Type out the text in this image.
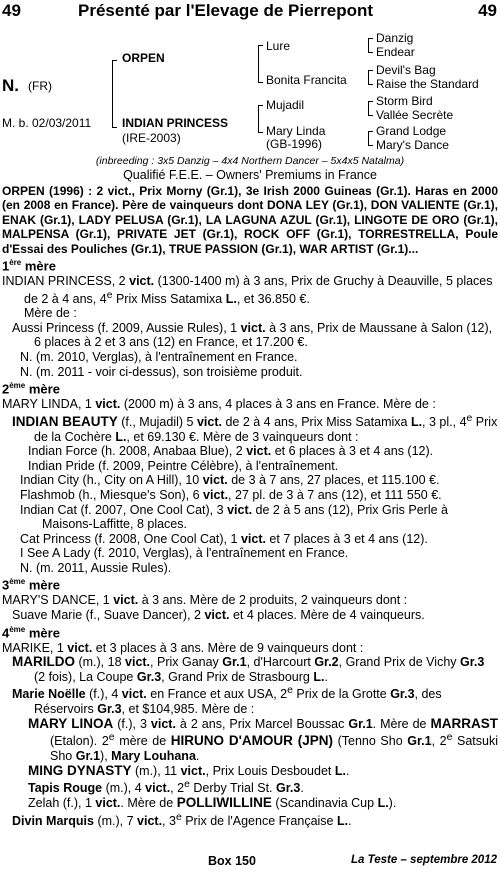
49	Présenté par l'Elevage de Pierrepont	49
N. (FR)
M. b. 02/03/2011
ORPEN
INDIAN PRINCESS
(IRE-2003)
Lure
Bonita Francita
Mujadil
Mary Linda
(GB-1996)
Danzig
Endear
Devil's Bag
Raise the Standard
Storm Bird
Vallée Secrète
Grand Lodge
Mary's Dance
(inbreeding : 3x5 Danzig – 4x4 Northern Dancer – 5x4x5 Natalma)
Qualifié F.E.E. – Owners' Premiums in France

ORPEN (1996) : 2 vict., Prix Morny (Gr.1), 3e Irish 2000 Guineas (Gr.1). Haras en 2000 (en 2008 en France). Père de vainqueurs dont DONA LEY (Gr.1), DON VALIENTE (Gr.1), ENAK (Gr.1), LADY PELUSA (Gr.1), LA LAGUNA AZUL (Gr.1), LINGOTE DE ORO (Gr.1), MALPENSA (Gr.1), PRIVATE JET (Gr.1), ROCK OFF (Gr.1), TORRESTRELLA, Poule d'Essai des Pouliches (Gr.1), TRUE PASSION (Gr.1), WAR ARTIST (Gr.1)...

1ère mère

INDIAN PRINCESS, 2 vict. (1300-1400 m) à 3 ans, Prix de Gruchy à Deauville, 5 places de 2 à 4 ans, 4e Prix Miss Satamixa L., et 36.850 €.

Mère de :

Aussi Princess (f. 2009, Aussie Rules), 1 vict. à 3 ans, Prix de Maussane à Salon (12), 6 places à 2 et 3 ans (12) en France, et 17.200 €.

N. (m. 2010, Verglas), à l'entraînement en France.

N. (m. 2011 - voir ci-dessus), son troisième produit.

2ème mère

MARY LINDA, 1 vict. (2000 m) à 3 ans, 4 places à 3 ans en France. Mère de :

INDIAN BEAUTY (f., Mujadil) 5 vict. de 2 à 4 ans, Prix Miss Satamixa L., 3 pl., 4e Prix de la Cochère L., et 69.130 €. Mère de 3 vainqueurs dont :

Indian Force (h. 2008, Anabaa Blue), 2 vict. et 6 places à 3 et 4 ans (12).

Indian Pride (f. 2009, Peintre Célèbre), à l'entraînement.

Indian City (h., City on A Hill), 10 vict. de 3 à 7 ans, 27 places, et 115.100 €.

Flashmob (h., Miesque's Son), 6 vict., 27 pl. de 3 à 7 ans (12), et 111 550 €.

Indian Cat (f. 2007, One Cool Cat), 3 vict. de 2 à 5 ans (12), Prix Gris Perle à Maisons-Laffitte, 8 places.

Cat Princess (f. 2008, One Cool Cat), 1 vict. et 7 places à 3 et 4 ans (12).

I See A Lady (f. 2010, Verglas), à l'entraînement en France.

N. (m. 2011, Aussie Rules).

3ème mère

MARY'S DANCE, 1 vict. à 3 ans. Mère de 2 produits, 2 vainqueurs dont :

Suave Marie (f., Suave Dancer), 2 vict. et 4 places. Mère de 4 vainqueurs.

4ème mère

MARIKE, 1 vict. et 3 places à 3 ans. Mère de 9 vainqueurs dont :

MARILDO (m.), 18 vict., Prix Ganay Gr.1, d'Harcourt Gr.2, Grand Prix de Vichy Gr.3 (2 fois), La Coupe Gr.3, Grand Prix de Strasbourg L..

Marie Noëlle (f.), 4 vict. en France et aux USA, 2e Prix de la Grotte Gr.3, des Réservoirs Gr.3, et $104,985. Mère de :

MARY LINOA (f.), 3 vict. à 2 ans, Prix Marcel Boussac Gr.1. Mère de MARRAST (Etalon). 2e mère de HIRUNO D'AMOUR (JPN) (Tenno Sho Gr.1, 2e Satsuki Sho Gr.1), Mary Louhana.

MING DYNASTY (m.), 11 vict., Prix Louis Desboudet L..

Tapis Rouge (m.), 4 vict., 2e Derby Trial St. Gr.3.

Zelah (f.), 1 vict.. Mère de POLLIWILLINE (Scandinavia Cup L.).

Divin Marquis (m.), 7 vict., 3e Prix de l'Agence Française L..

Box 150	La Teste – septembre 2012
